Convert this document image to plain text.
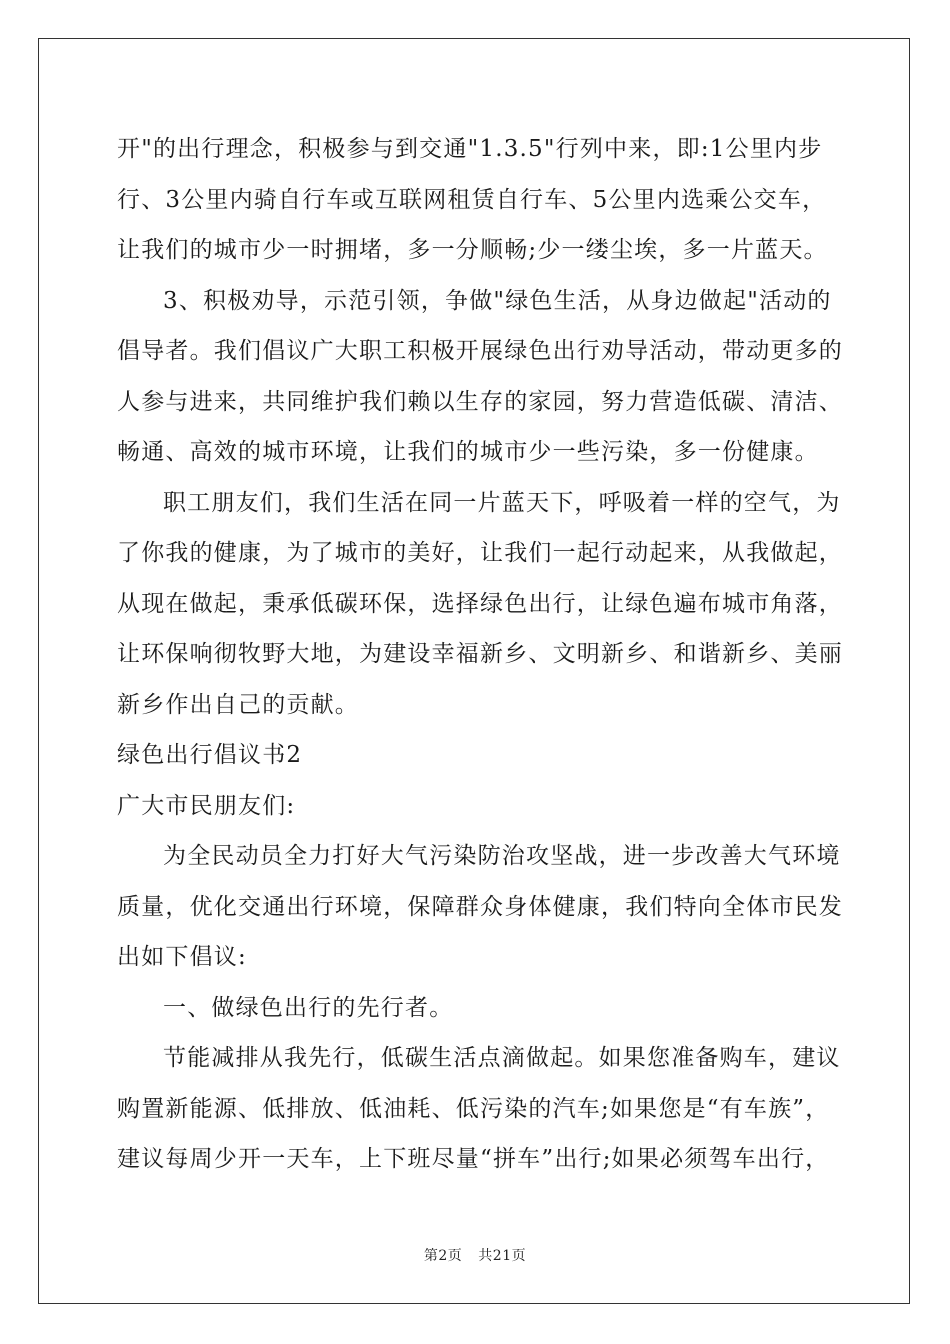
开"的出行理念，积极参与到交通"1.3.5"行列中来，即:1公里内步
行、3公里内骑自行车或互联网租赁自行车、5公里内选乘公交车，
让我们的城市少一时拥堵，多一分顺畅;少一缕尘埃，多一片蓝天。
3、积极劝导，示范引领，争做"绿色生活，从身边做起"活动的
倡导者。我们倡议广大职工积极开展绿色出行劝导活动，带动更多的
人参与进来，共同维护我们赖以生存的家园，努力营造低碳、清洁、
畅通、高效的城市环境，让我们的城市少一些污染，多一份健康。
职工朋友们，我们生活在同一片蓝天下，呼吸着一样的空气，为
了你我的健康，为了城市的美好，让我们一起行动起来，从我做起，
从现在做起，秉承低碳环保，选择绿色出行，让绿色遍布城市角落，
让环保响彻牧野大地，为建设幸福新乡、文明新乡、和谐新乡、美丽
新乡作出自己的贡献。
绿色出行倡议书2
广大市民朋友们:
为全民动员全力打好大气污染防治攻坚战，进一步改善大气环境
质量，优化交通出行环境，保障群众身体健康，我们特向全体市民发
出如下倡议:
一、做绿色出行的先行者。
节能减排从我先行，低碳生活点滴做起。如果您准备购车，建议
购置新能源、低排放、低油耗、低污染的汽车;如果您是“有车族”，
建议每周少开一天车，上下班尽量“拼车”出行;如果必须驾车出行，
第2页 共21页
